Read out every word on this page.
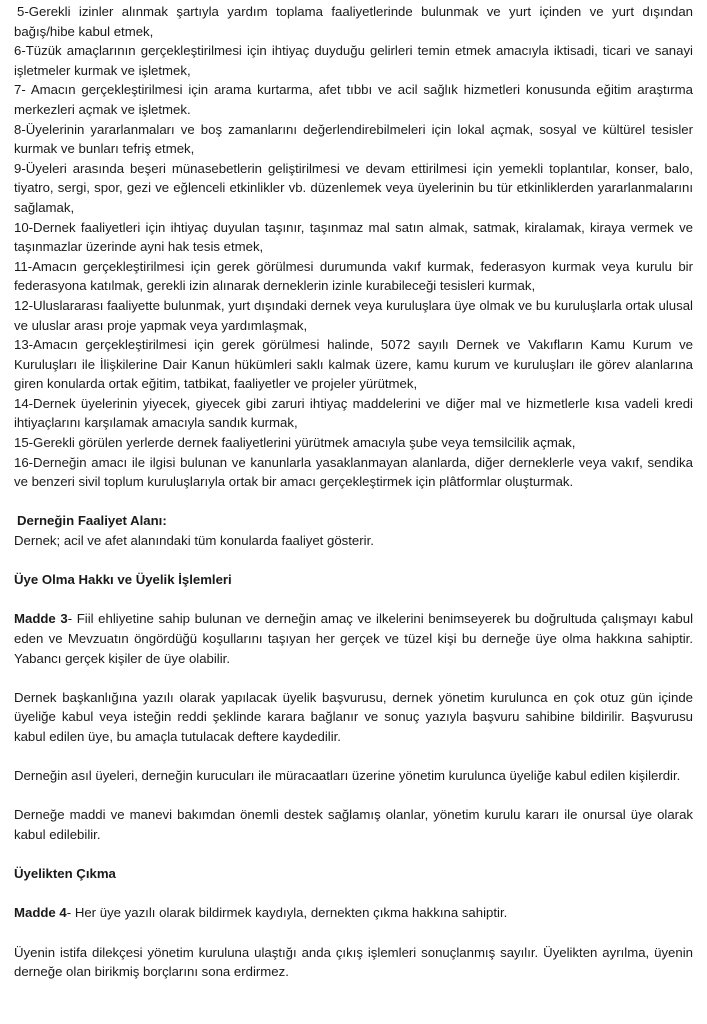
5-Gerekli izinler alınmak şartıyla yardım toplama faaliyetlerinde bulunmak ve yurt içinden ve yurt dışından bağış/hibe kabul etmek,

6-Tüzük amaçlarının gerçekleştirilmesi için ihtiyaç duyduğu gelirleri temin etmek amacıyla iktisadi, ticari ve sanayi işletmeler kurmak ve işletmek,

7- Amacın gerçekleştirilmesi için arama kurtarma, afet tıbbı ve acil sağlık hizmetleri konusunda eğitim araştırma merkezleri açmak ve işletmek.

8-Üyelerinin yararlanmaları ve boş zamanlarını değerlendirebilmeleri için lokal açmak, sosyal ve kültürel tesisler kurmak ve bunları tefriş etmek,

9-Üyeleri arasında beşeri münasebetlerin geliştirilmesi ve devam ettirilmesi için yemekli toplantılar, konser, balo, tiyatro, sergi, spor, gezi ve eğlenceli etkinlikler vb. düzenlemek veya üyelerinin bu tür etkinliklerden yararlanmalarını sağlamak,

10-Dernek faaliyetleri için ihtiyaç duyulan taşınır, taşınmaz mal satın almak, satmak, kiralamak, kiraya vermek ve taşınmazlar üzerinde ayni hak tesis etmek,

11-Amacın gerçekleştirilmesi için gerek görülmesi durumunda vakıf kurmak, federasyon kurmak veya kurulu bir federasyona katılmak, gerekli izin alınarak derneklerin izinle kurabileceği tesisleri kurmak,

12-Uluslararası faaliyette bulunmak, yurt dışındaki dernek veya kuruluşlara üye olmak ve bu kuruluşlarla ortak ulusal ve uluslar arası proje yapmak veya yardımlaşmak,

13-Amacın gerçekleştirilmesi için gerek görülmesi halinde, 5072 sayılı Dernek ve Vakıfların Kamu Kurum ve Kuruluşları ile İlişkilerine Dair Kanun hükümleri saklı kalmak üzere, kamu kurum ve kuruluşları ile görev alanlarına giren konularda ortak eğitim, tatbikat, faaliyetler ve projeler yürütmek,

14-Dernek üyelerinin yiyecek, giyecek gibi zaruri ihtiyaç maddelerini ve diğer mal ve hizmetlerle kısa vadeli kredi ihtiyaçlarını karşılamak amacıyla sandık kurmak,

15-Gerekli görülen yerlerde dernek faaliyetlerini yürütmek amacıyla şube veya temsilcilik açmak,

16-Derneğin amacı ile ilgisi bulunan ve kanunlarla yasaklanmayan alanlarda, diğer derneklerle veya vakıf, sendika ve benzeri sivil toplum kuruluşlarıyla ortak bir amacı gerçekleştirmek için plâtformlar oluşturmak.

Derneğin Faaliyet Alanı:

Dernek; acil ve afet alanındaki tüm konularda faaliyet gösterir.

Üye Olma Hakkı ve Üyelik İşlemleri

Madde 3- Fiil ehliyetine sahip bulunan ve derneğin amaç ve ilkelerini benimseyerek bu doğrultuda çalışmayı kabul eden ve Mevzuatın öngördüğü koşullarını taşıyan her gerçek ve tüzel kişi bu derneğe üye olma hakkına sahiptir. Yabancı gerçek kişiler de üye olabilir.

Dernek başkanlığına yazılı olarak yapılacak üyelik başvurusu, dernek yönetim kurulunca en çok otuz gün içinde üyeliğe kabul veya isteğin reddi şeklinde karara bağlanır ve sonuç yazıyla başvuru sahibine bildirilir. Başvurusu kabul edilen üye, bu amaçla tutulacak deftere kaydedilir.

Derneğin asıl üyeleri, derneğin kurucuları ile müracaatları üzerine yönetim kurulunca üyeliğe kabul edilen kişilerdir.

Derneğe maddi ve manevi bakımdan önemli destek sağlamış olanlar, yönetim kurulu kararı ile onursal üye olarak kabul edilebilir.

Üyelikten Çıkma

Madde 4- Her üye yazılı olarak bildirmek kaydıyla, dernekten çıkma hakkına sahiptir.

Üyenin istifa dilekçesi yönetim kuruluna ulaştığı anda çıkış işlemleri sonuçlanmış sayılır. Üyelikten ayrılma, üyenin derneğe olan birikmiş borçlarını sona erdirmez.
